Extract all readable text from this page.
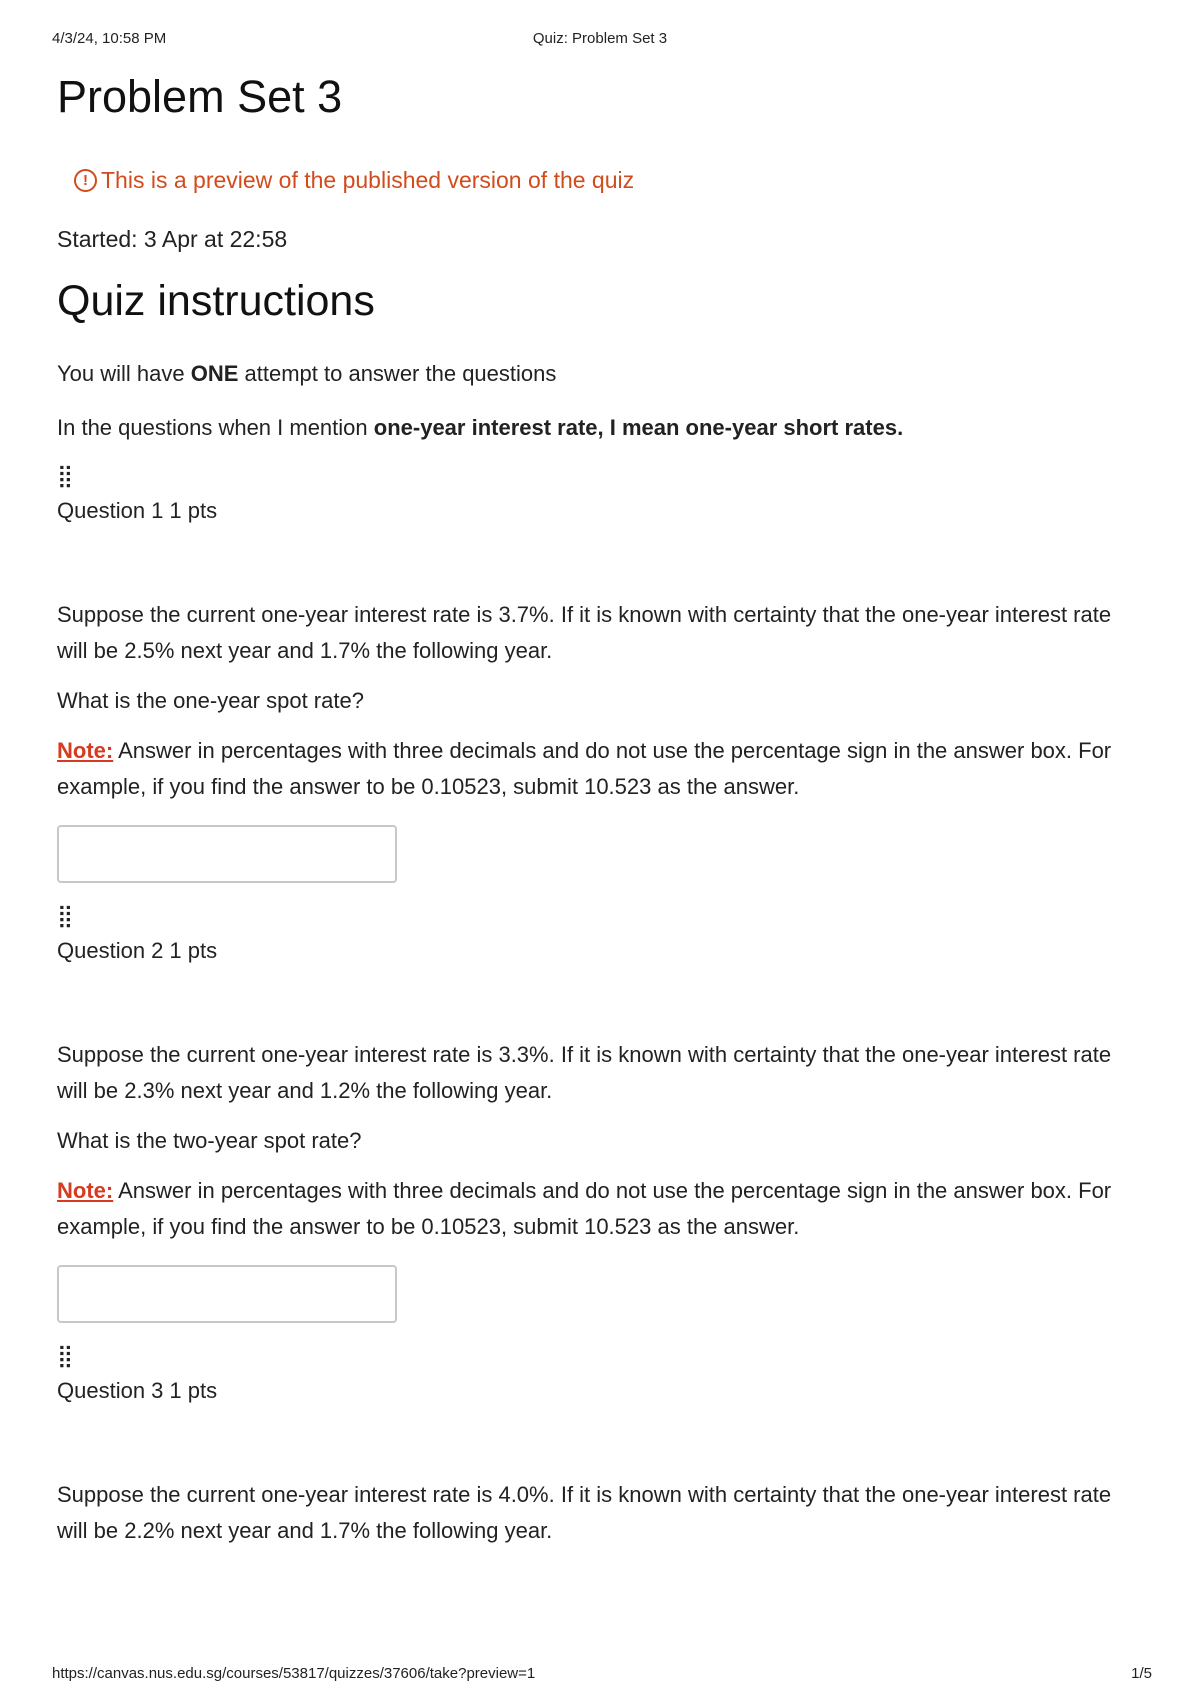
4/3/24, 10:58 PM	Quiz: Problem Set 3
Problem Set 3
! This is a preview of the published version of the quiz
Started: 3 Apr at 22:58
Quiz instructions

You will have ONE attempt to answer the questions

In the questions when I mention one-year interest rate, I mean one-year short rates.

⣿
Question 1 1 pts

Suppose the current one-year interest rate is 3.7%. If it is known with certainty that the one-year interest rate will be 2.5% next year and 1.7% the following year.

What is the one-year spot rate?

Note: Answer in percentages with three decimals and do not use the percentage sign in the answer box. For example, if you find the answer to be 0.10523, submit 10.523 as the answer.

⣿
Question 2 1 pts

Suppose the current one-year interest rate is 3.3%. If it is known with certainty that the one-year interest rate will be 2.3% next year and 1.2% the following year.

What is the two-year spot rate?

Note: Answer in percentages with three decimals and do not use the percentage sign in the answer box. For example, if you find the answer to be 0.10523, submit 10.523 as the answer.

⣿
Question 3 1 pts

Suppose the current one-year interest rate is 4.0%. If it is known with certainty that the one-year interest rate will be 2.2% next year and 1.7% the following year.

https://canvas.nus.edu.sg/courses/53817/quizzes/37606/take?preview=1	1/5
